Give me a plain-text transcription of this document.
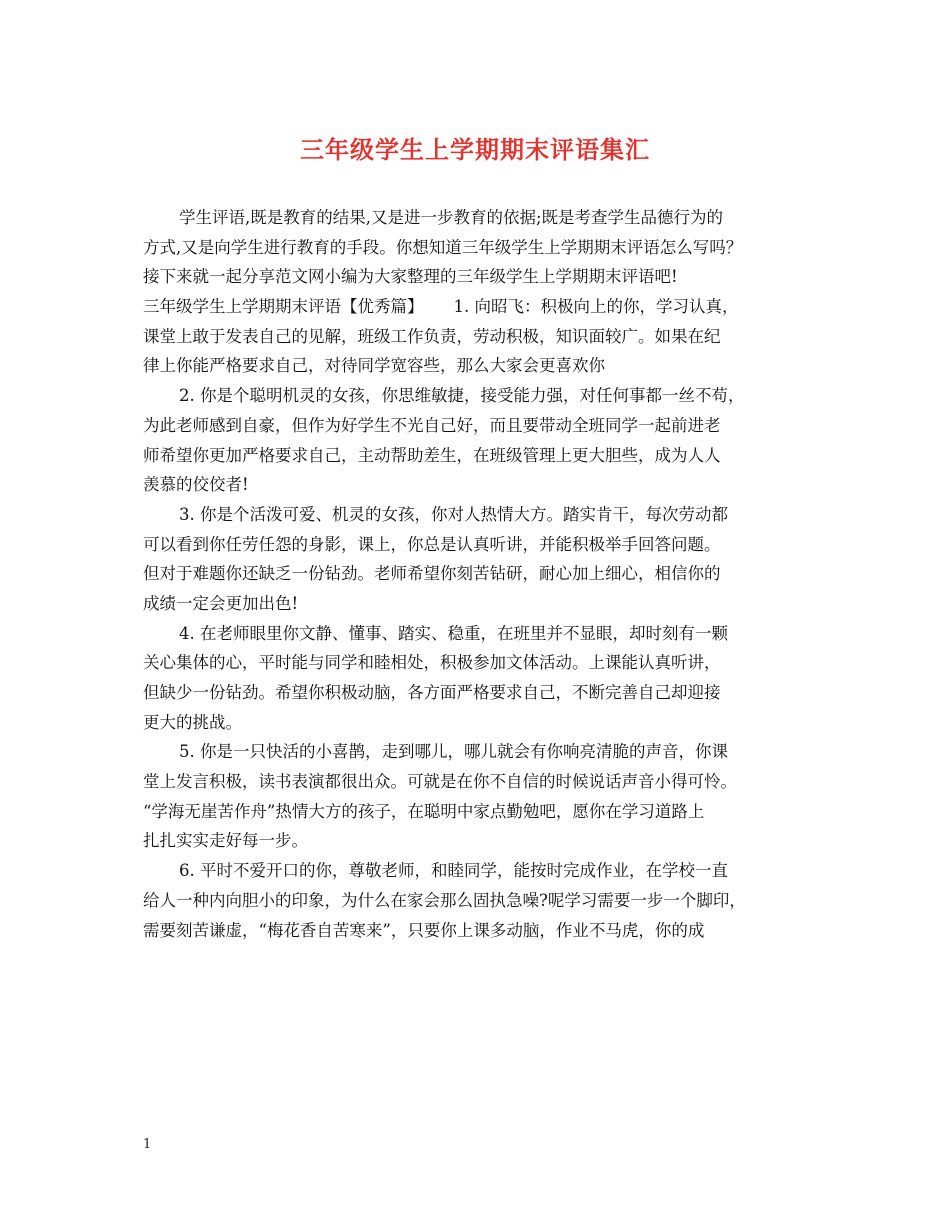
三年级学生上学期期末评语集汇
学生评语,既是教育的结果,又是进一步教育的依据;既是考查学生品德行为的
方式,又是向学生进行教育的手段。你想知道三年级学生上学期期末评语怎么写吗？
接下来就一起分享范文网小编为大家整理的三年级学生上学期期末评语吧!
三年级学生上学期期末评语【优秀篇】 1. 向昭飞：积极向上的你，学习认真，
课堂上敢于发表自己的见解，班级工作负责，劳动积极，知识面较广。如果在纪
律上你能严格要求自己，对待同学宽容些，那么大家会更喜欢你
2. 你是个聪明机灵的女孩，你思维敏捷，接受能力强，对任何事都一丝不苟，
为此老师感到自豪，但作为好学生不光自己好，而且要带动全班同学一起前进老
师希望你更加严格要求自己，主动帮助差生，在班级管理上更大胆些，成为人人
羡慕的佼佼者!
3. 你是个活泼可爱、机灵的女孩，你对人热情大方。踏实肯干，每次劳动都
可以看到你任劳任怨的身影，课上，你总是认真听讲，并能积极举手回答问题。
但对于难题你还缺乏一份钻劲。老师希望你刻苦钻研，耐心加上细心，相信你的
成绩一定会更加出色!
4. 在老师眼里你文静、懂事、踏实、稳重，在班里并不显眼，却时刻有一颗
关心集体的心，平时能与同学和睦相处，积极参加文体活动。上课能认真听讲，
但缺少一份钻劲。希望你积极动脑，各方面严格要求自己，不断完善自己却迎接
更大的挑战。
5. 你是一只快活的小喜鹊，走到哪儿，哪儿就会有你响亮清脆的声音，你课
堂上发言积极，读书表演都很出众。可就是在你不自信的时候说话声音小得可怜。
“学海无崖苦作舟”热情大方的孩子，在聪明中家点勤勉吧，愿你在学习道路上
扎扎实实走好每一步。
6. 平时不爱开口的你，尊敬老师，和睦同学，能按时完成作业，在学校一直
给人一种内向胆小的印象，为什么在家会那么固执急噪?呢学习需要一步一个脚印，
需要刻苦谦虚，“梅花香自苦寒来”，只要你上课多动脑，作业不马虎，你的成
1
